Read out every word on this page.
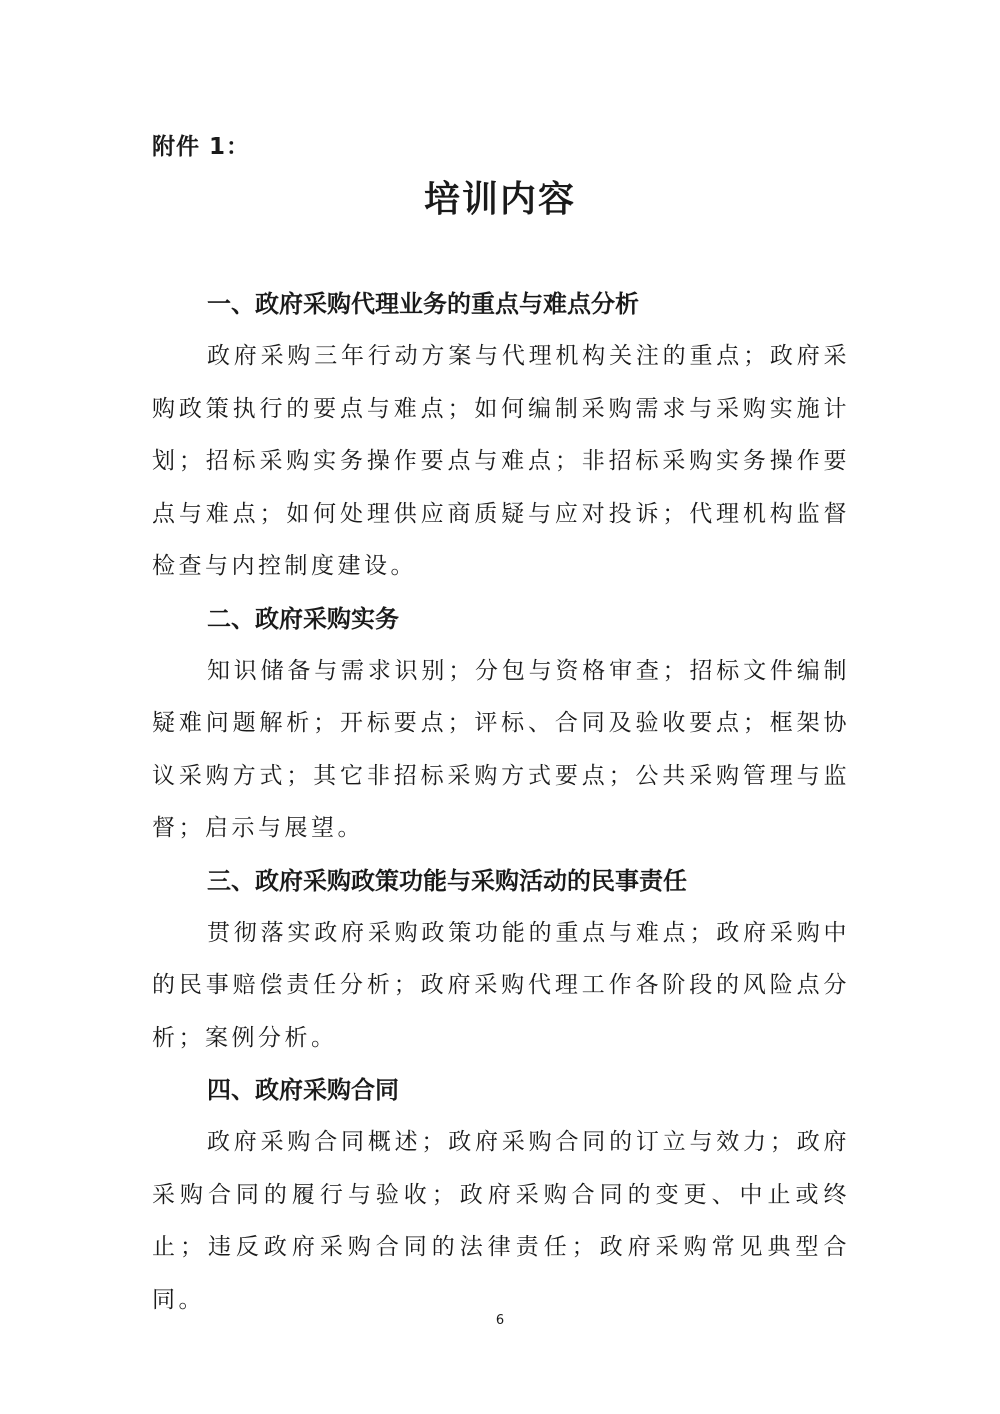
附件 1：
培训内容

一、政府采购代理业务的重点与难点分析

政府采购三年行动方案与代理机构关注的重点；政府采购政策执行的要点与难点；如何编制采购需求与采购实施计划；招标采购实务操作要点与难点；非招标采购实务操作要点与难点；如何处理供应商质疑与应对投诉；代理机构监督检查与内控制度建设。

二、政府采购实务

知识储备与需求识别；分包与资格审查；招标文件编制疑难问题解析；开标要点；评标、合同及验收要点；框架协议采购方式；其它非招标采购方式要点；公共采购管理与监督；启示与展望。

三、政府采购政策功能与采购活动的民事责任

贯彻落实政府采购政策功能的重点与难点；政府采购中的民事赔偿责任分析；政府采购代理工作各阶段的风险点分析；案例分析。

四、政府采购合同

政府采购合同概述；政府采购合同的订立与效力；政府采购合同的履行与验收；政府采购合同的变更、中止或终止；违反政府采购合同的法律责任；政府采购常见典型合同。

6
